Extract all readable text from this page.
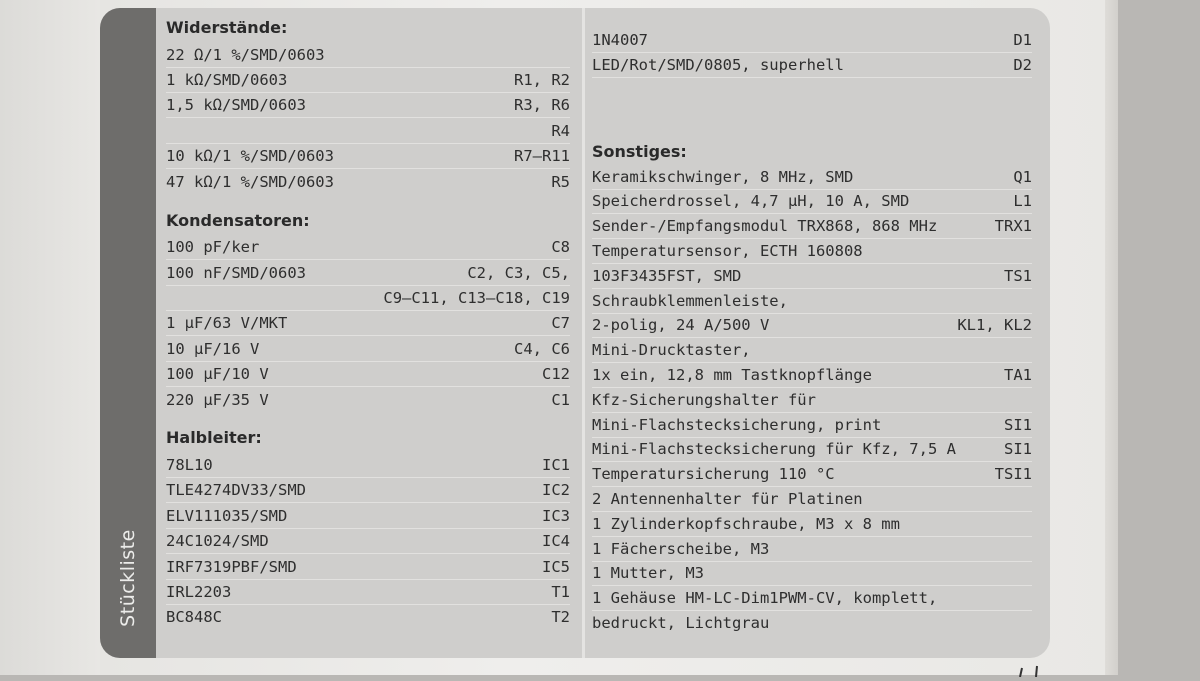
Stückliste
Widerstände:
22 Ω/1 %/SMD/0603
1 kΩ/SMD/0603	R1, R2
1,5 kΩ/SMD/0603	R3, R6
R4
10 kΩ/1 %/SMD/0603	R7–R11
47 kΩ/1 %/SMD/0603	R5
Kondensatoren:
100 pF/ker	C8
100 nF/SMD/0603	C2, C3, C5,
C9–C11, C13–C18, C19
1 µF/63 V/MKT	C7
10 µF/16 V	C4, C6
100 µF/10 V	C12
220 µF/35 V	C1
Halbleiter:
78L10	IC1
TLE4274DV33/SMD	IC2
ELV111035/SMD	IC3
24C1024/SMD	IC4
IRF7319PBF/SMD	IC5
IRL2203	T1
BC848C	T2
1N4007	D1
LED/Rot/SMD/0805, superhell	D2
Sonstiges:
Keramikschwinger, 8 MHz, SMD	Q1
Speicherdrossel, 4,7 µH, 10 A, SMD	L1
Sender-/Empfangsmodul TRX868, 868 MHz	TRX1
Temperatursensor, ECTH 160808
103F3435FST, SMD	TS1
Schraubklemmenleiste,
2-polig, 24 A/500 V	KL1, KL2
Mini-Drucktaster,
1x ein, 12,8 mm Tastknopflänge	TA1
Kfz-Sicherungshalter für
Mini-Flachstecksicherung, print	SI1
Mini-Flachstecksicherung für Kfz, 7,5 A	SI1
Temperatursicherung 110 °C	TSI1
2 Antennenhalter für Platinen
1 Zylinderkopfschraube, M3 x 8 mm
1 Fächerscheibe, M3
1 Mutter, M3
1 Gehäuse HM-LC-Dim1PWM-CV, komplett,
bedruckt, Lichtgrau
